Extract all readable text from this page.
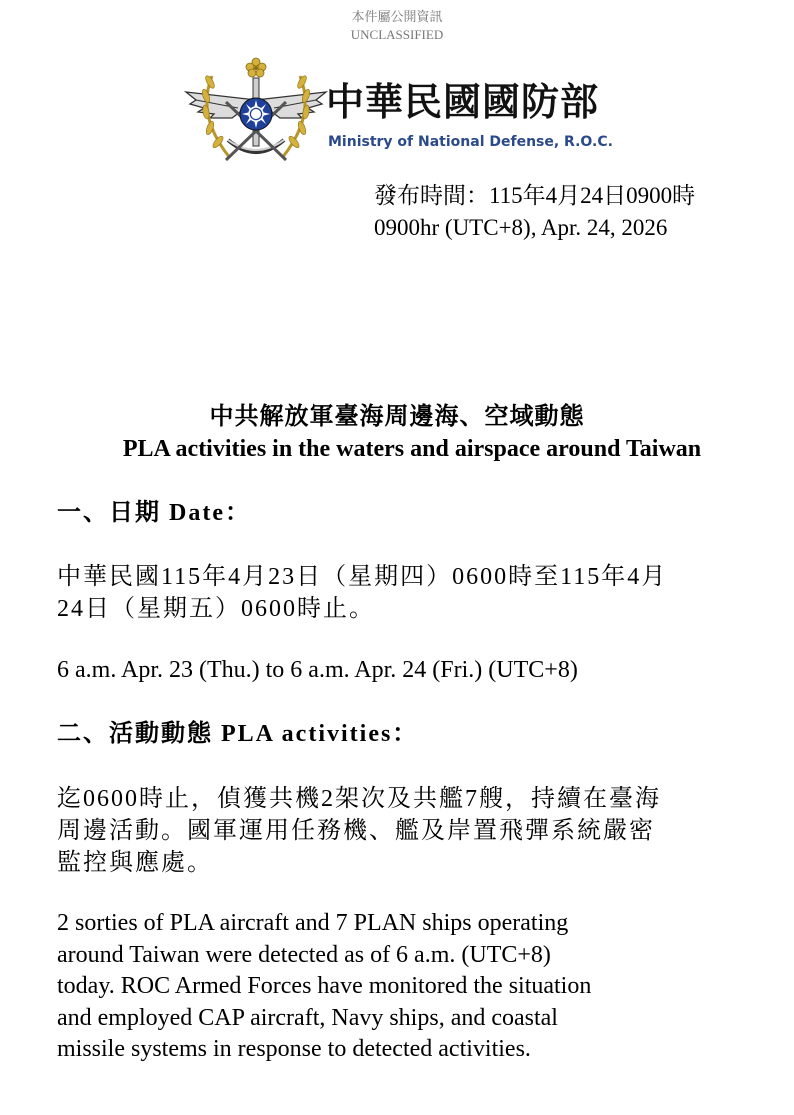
本件屬公開資訊
UNCLASSIFIED
中華民國國防部
Ministry of National Defense, R.O.C.
發布時間：115年4月24日0900時
0900hr (UTC+8), Apr. 24, 2026
中共解放軍臺海周邊海、空域動態
PLA activities in the waters and airspace around Taiwan
一、日期 Date：
中華民國115年4月23日（星期四）0600時至115年4月
24日（星期五）0600時止。
6 a.m. Apr. 23 (Thu.) to 6 a.m. Apr. 24 (Fri.) (UTC+8)
二、活動動態 PLA activities：
迄0600時止，偵獲共機2架次及共艦7艘，持續在臺海
周邊活動。國軍運用任務機、艦及岸置飛彈系統嚴密
監控與應處。
2 sorties of PLA aircraft and 7 PLAN ships operating
around Taiwan were detected as of 6 a.m. (UTC+8)
today. ROC Armed Forces have monitored the situation
and employed CAP aircraft, Navy ships, and coastal
missile systems in response to detected activities.
